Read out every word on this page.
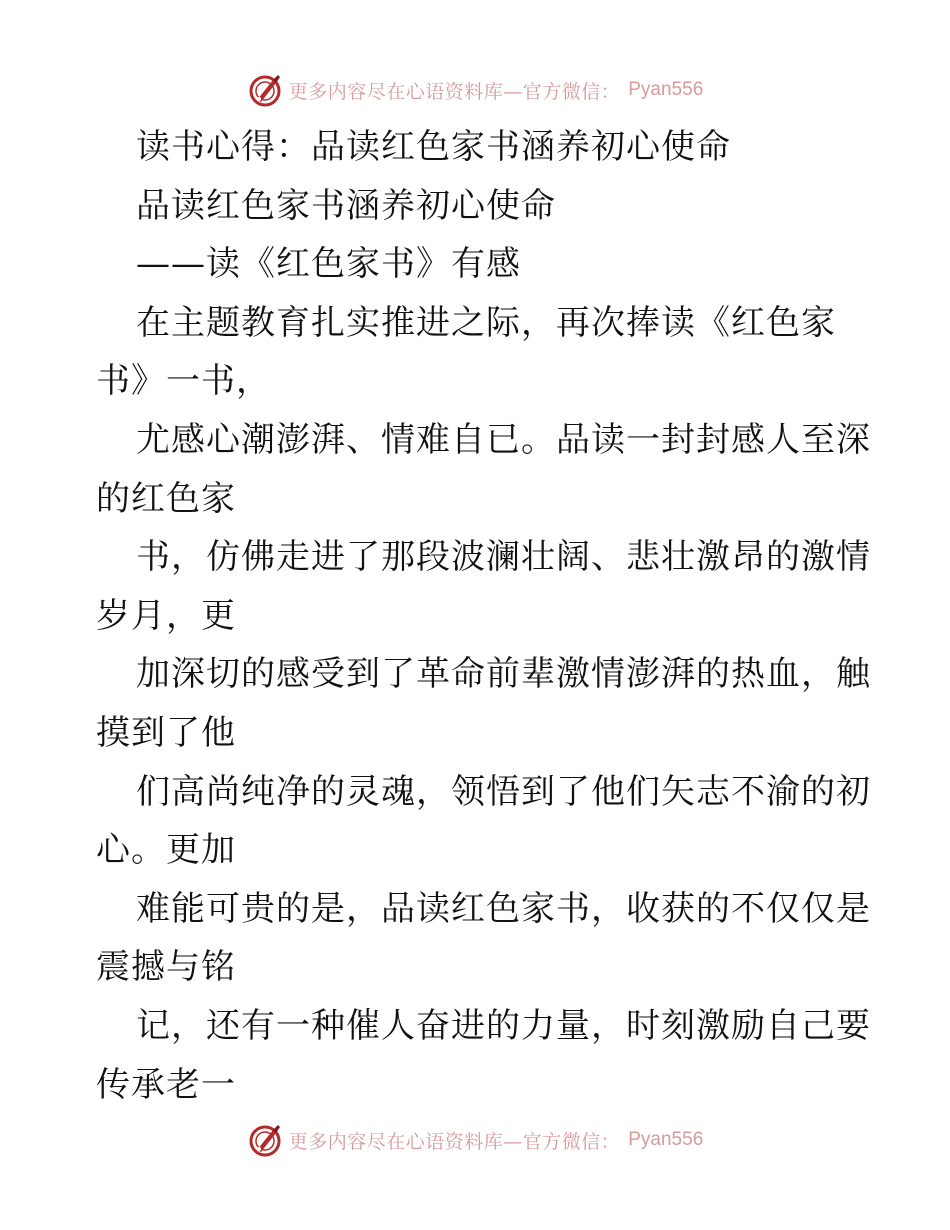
更多内容尽在心语资料库—官方微信： Pyan556
读书心得：品读红色家书涵养初心使命
品读红色家书涵养初心使命
——读《红色家书》有感
在主题教育扎实推进之际，再次捧读《红色家
书》一书，
尤感心潮澎湃、情难自已。品读一封封感人至深
的红色家
书，仿佛走进了那段波澜壮阔、悲壮激昂的激情
岁月，更
加深切的感受到了革命前辈激情澎湃的热血，触
摸到了他
们高尚纯净的灵魂，领悟到了他们矢志不渝的初
心。更加
难能可贵的是，品读红色家书，收获的不仅仅是
震撼与铭
记，还有一种催人奋进的力量，时刻激励自己要
传承老一
更多内容尽在心语资料库—官方微信： Pyan556
